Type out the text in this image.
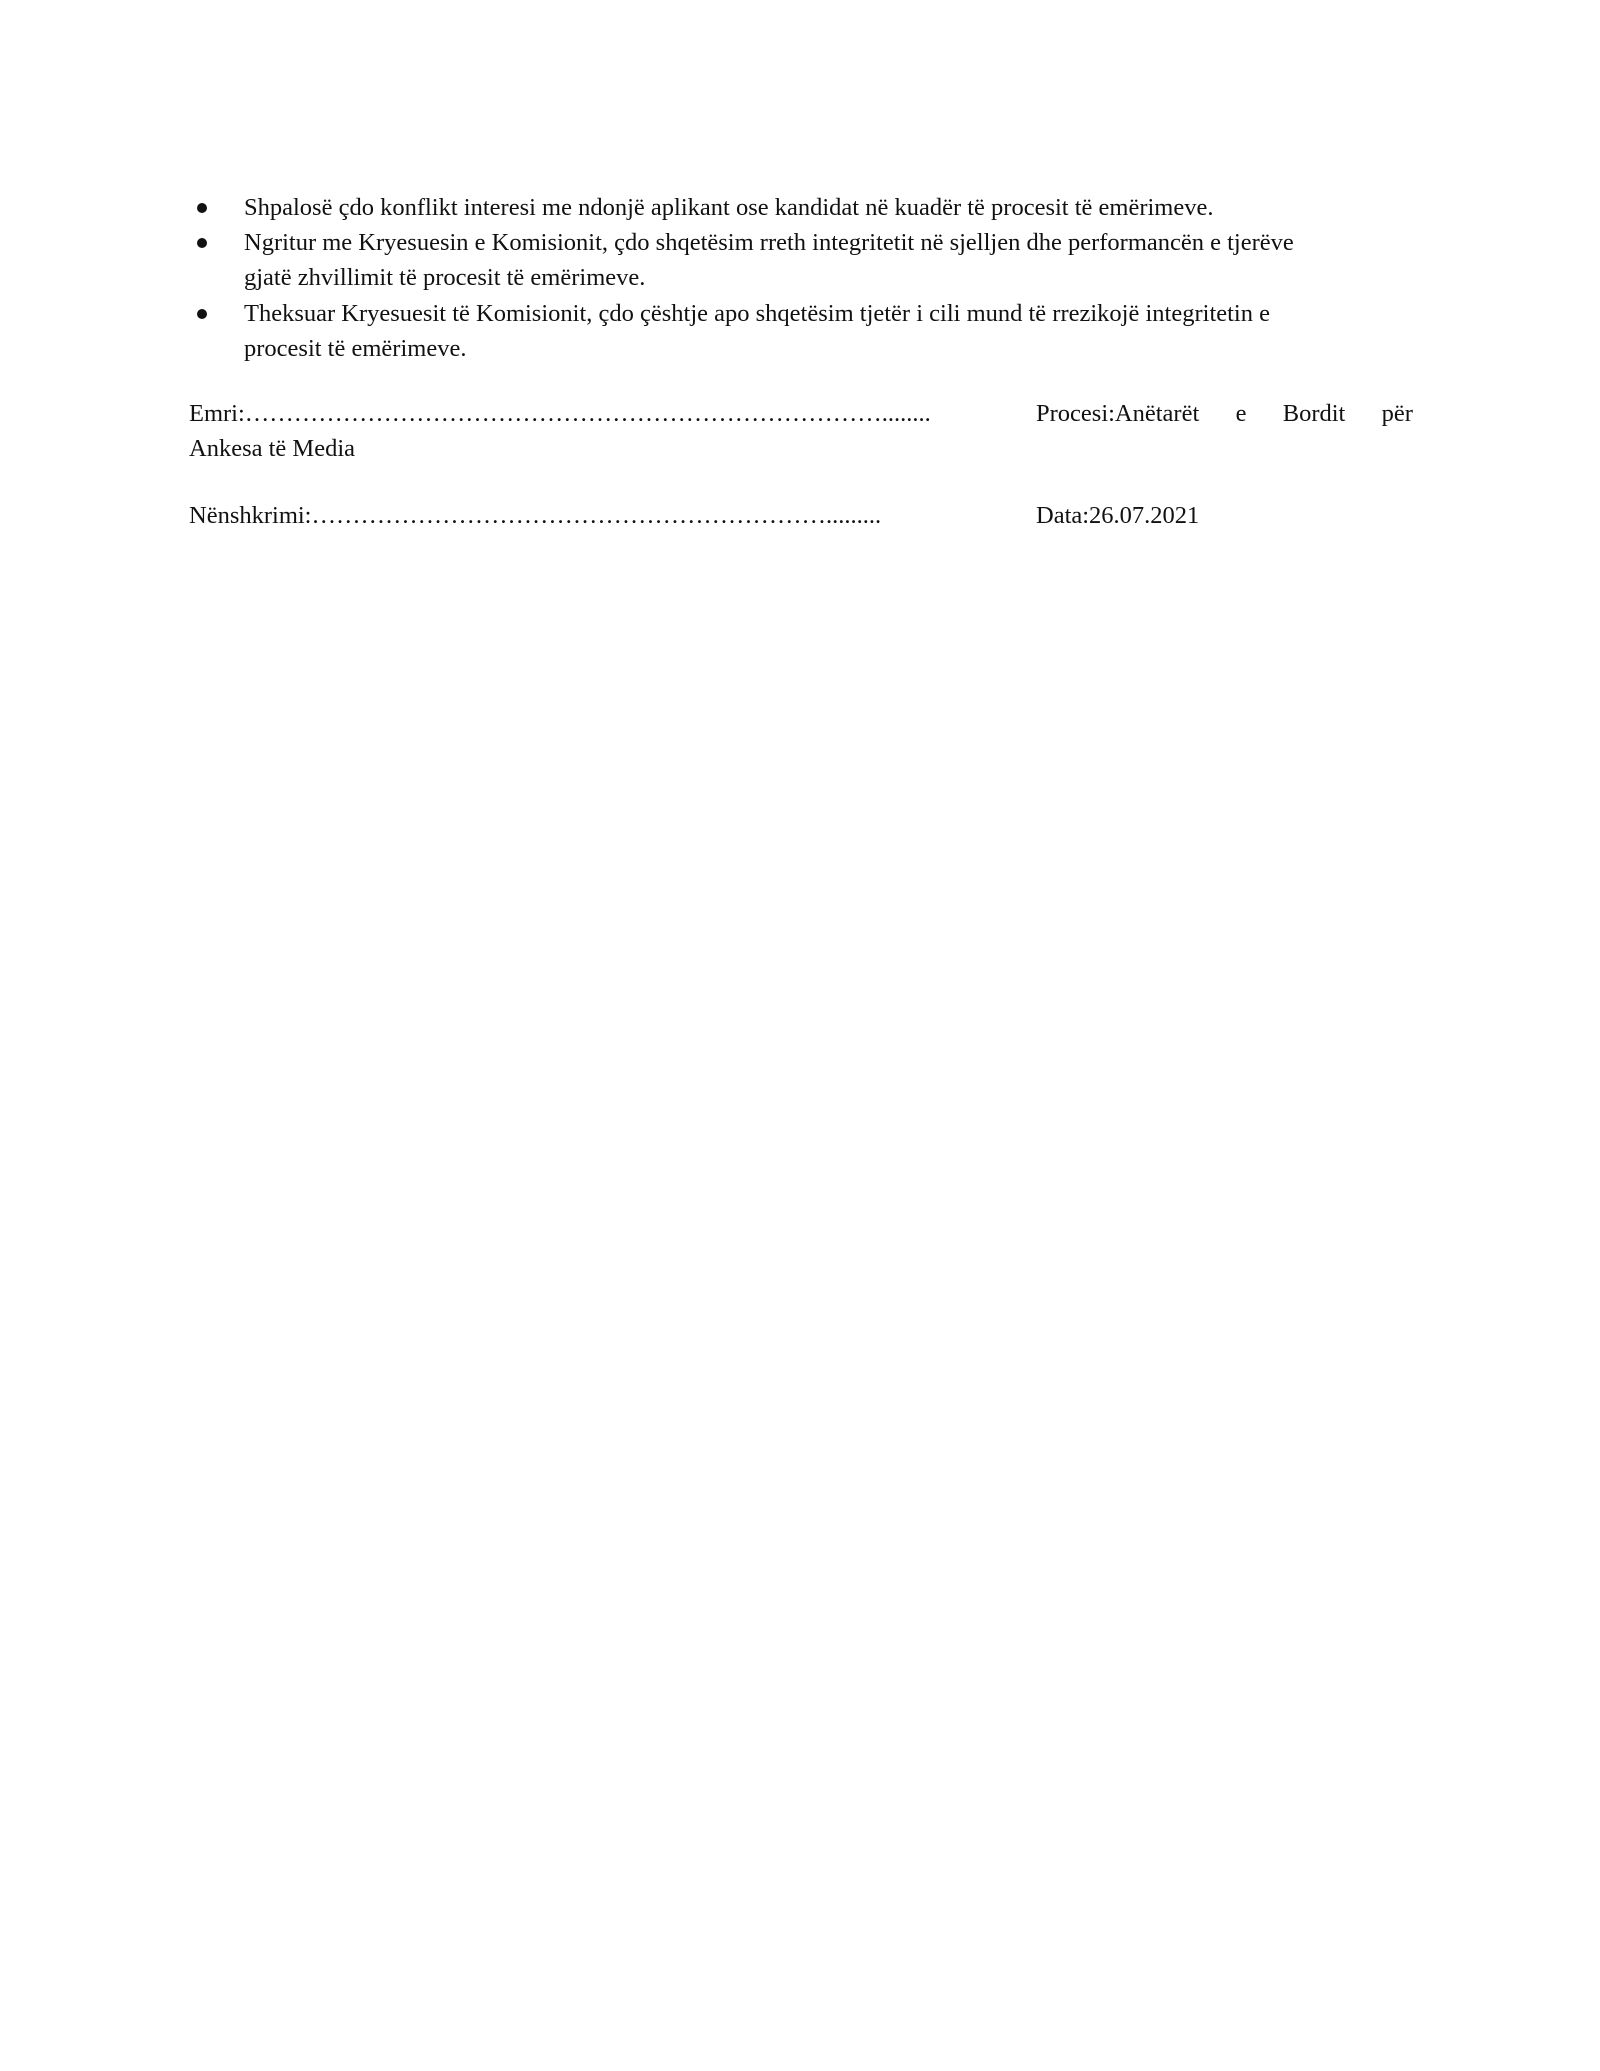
Shpalosë çdo konflikt interesi me ndonjë aplikant ose kandidat në kuadër të procesit të emërimeve.
Ngritur me Kryesuesin e Komisionit, çdo shqetësim rreth integritetit në sjelljen dhe performancën e tjerëve
gjatë zhvillimit të procesit të emërimeve.
Theksuar Kryesuesit të Komisionit, çdo çështje apo shqetësim tjetër i cili mund të rrezikojë integritetin e
procesit të emërimeve.
Emri:……………………………………………………………………........	Procesi:Anëtarët e Bordit për
Ankesa të Media
Nënshkrimi:……………………………………………………….........	Data:26.07.2021
